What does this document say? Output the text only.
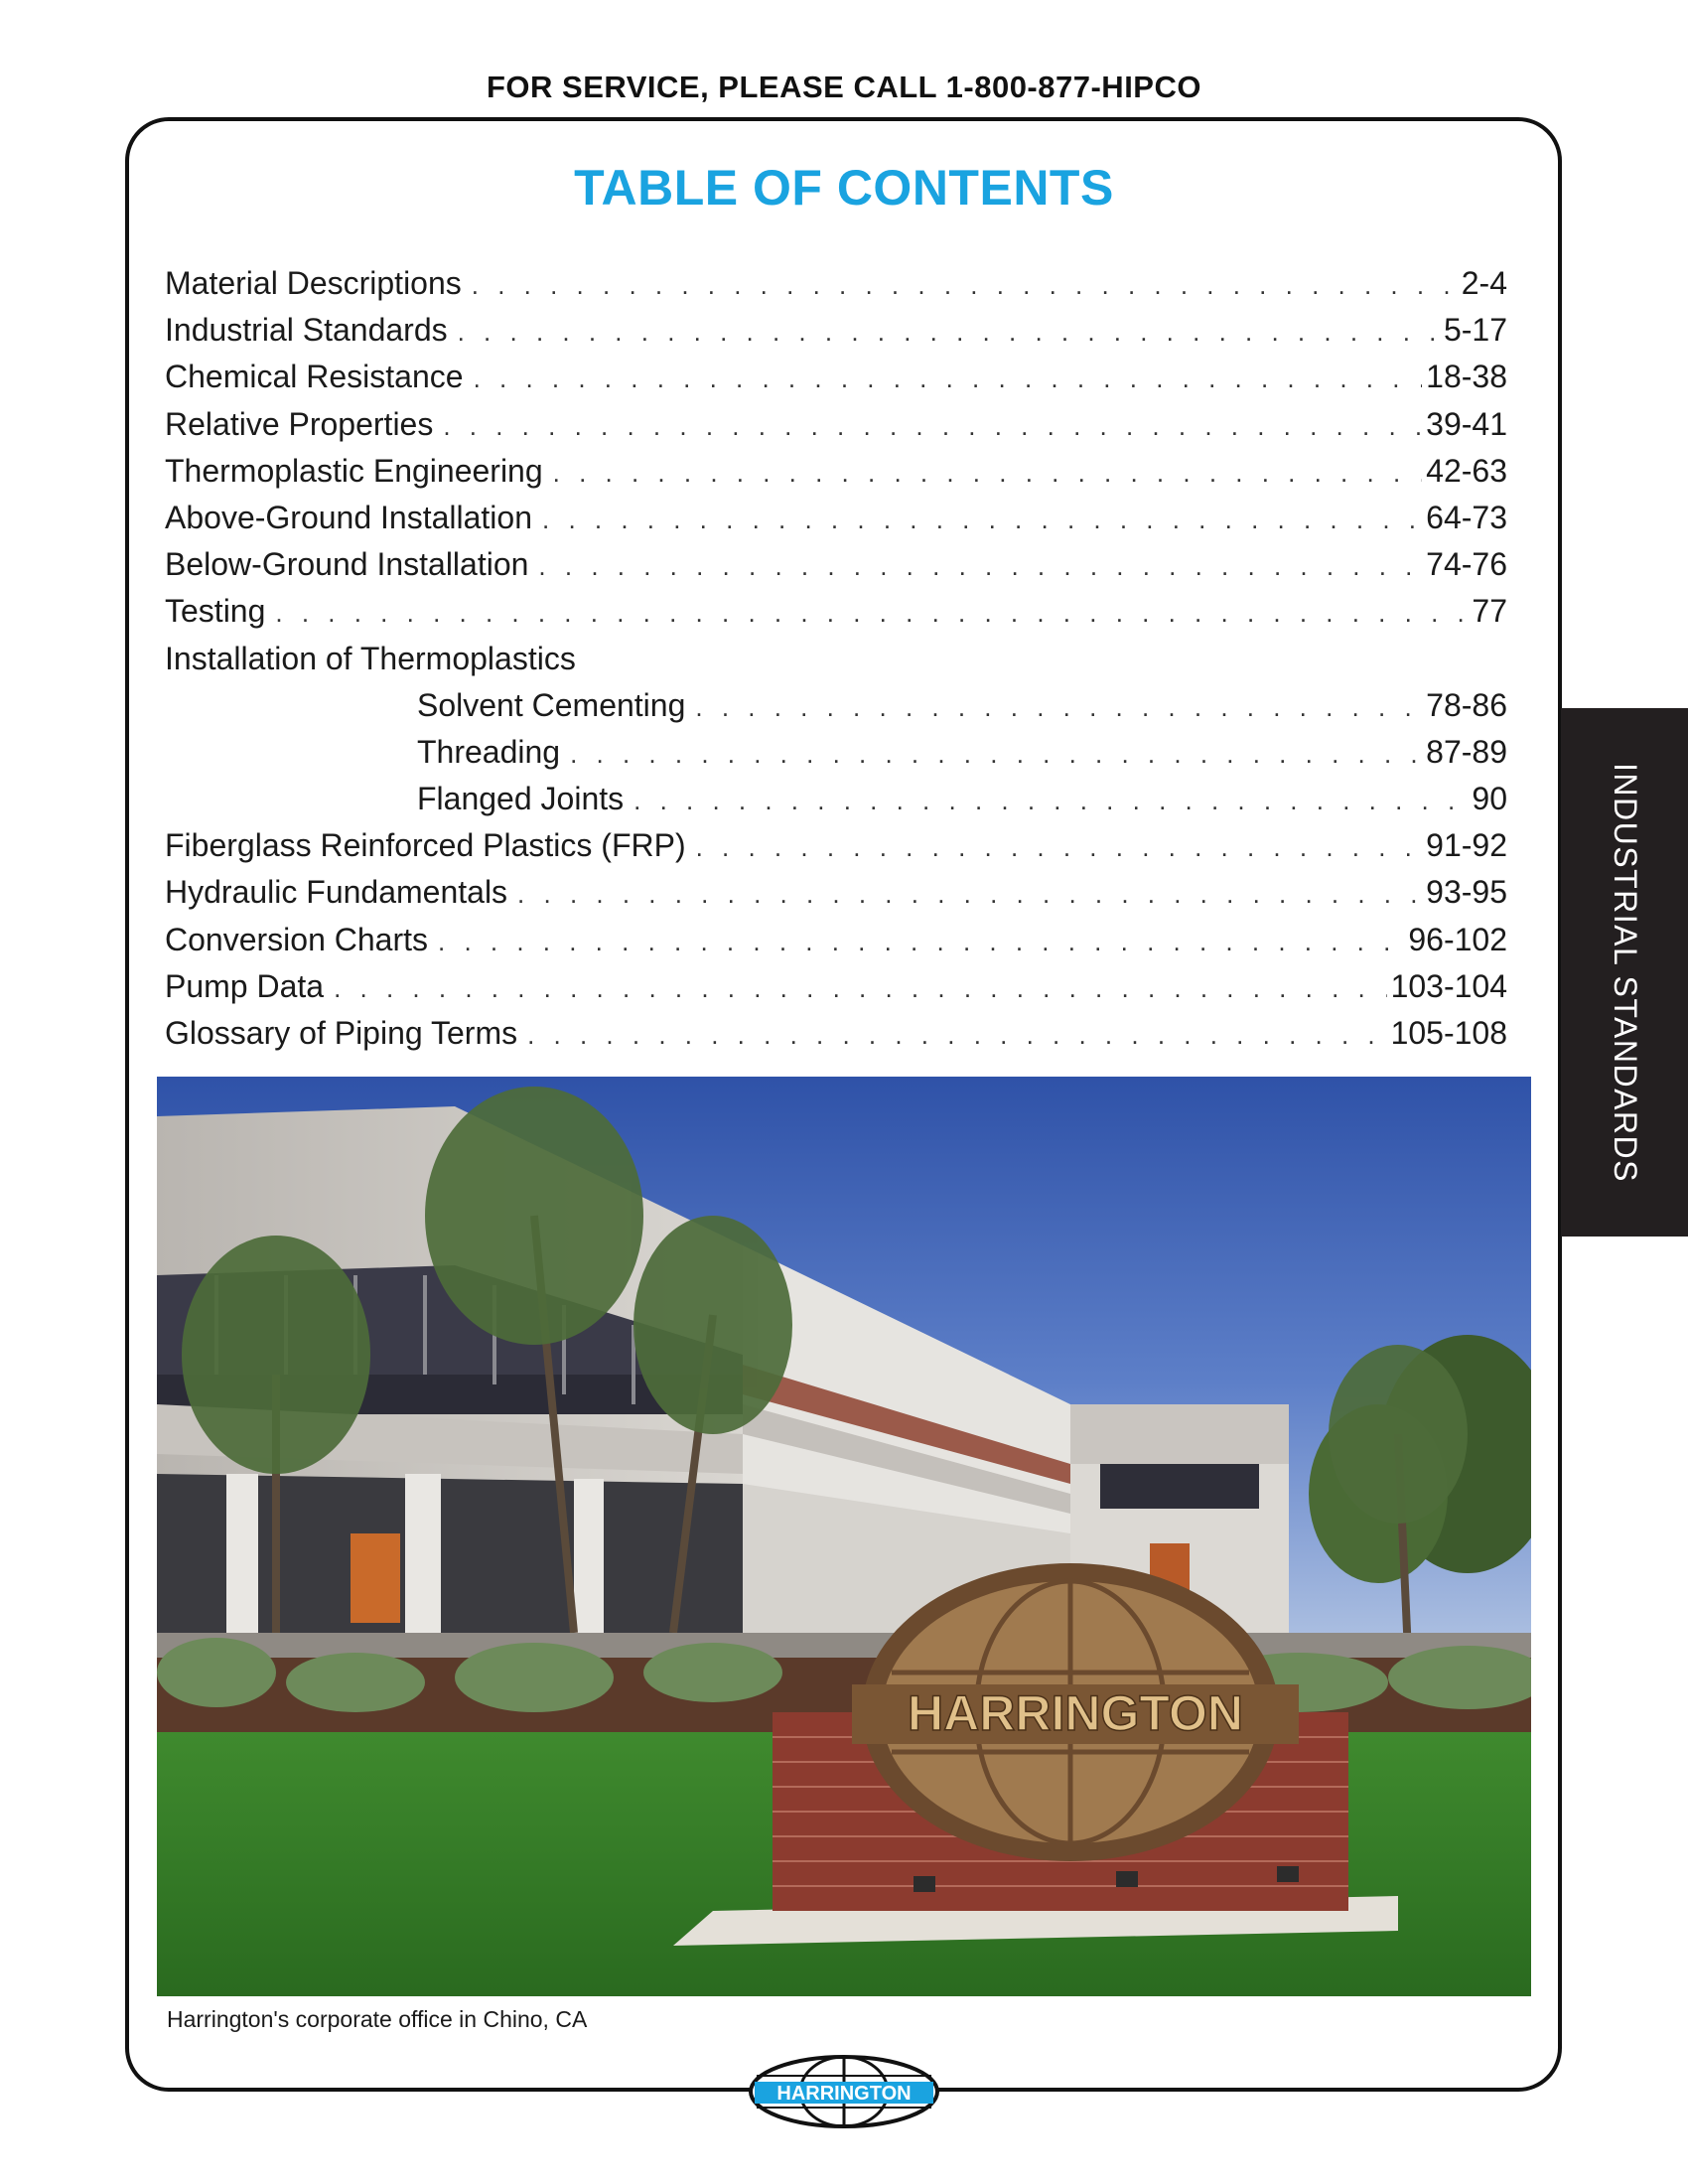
FOR SERVICE, PLEASE CALL 1-800-877-HIPCO
TABLE OF CONTENTS
Material Descriptions . . .	2-4
Industrial Standards . . .	5-17
Chemical Resistance . . .	18-38
Relative Properties . . .	39-41
Thermoplastic Engineering . . .	42-63
Above-Ground Installation . . .	64-73
Below-Ground Installation . . .	74-76
Testing . . .	77
Installation of Thermoplastics
Solvent Cementing . . .	78-86
Threading . . .	87-89
Flanged Joints . . .	90
Fiberglass Reinforced Plastics (FRP) . . .	91-92
Hydraulic Fundamentals . . .	93-95
Conversion Charts . . .	96-102
Pump Data . . .	103-104
Glossary of Piping Terms . . .	105-108	INDUSTRIAL STANDARDS
HARRINGTON
Harrington's corporate office in Chino, CA
HARRINGTON
